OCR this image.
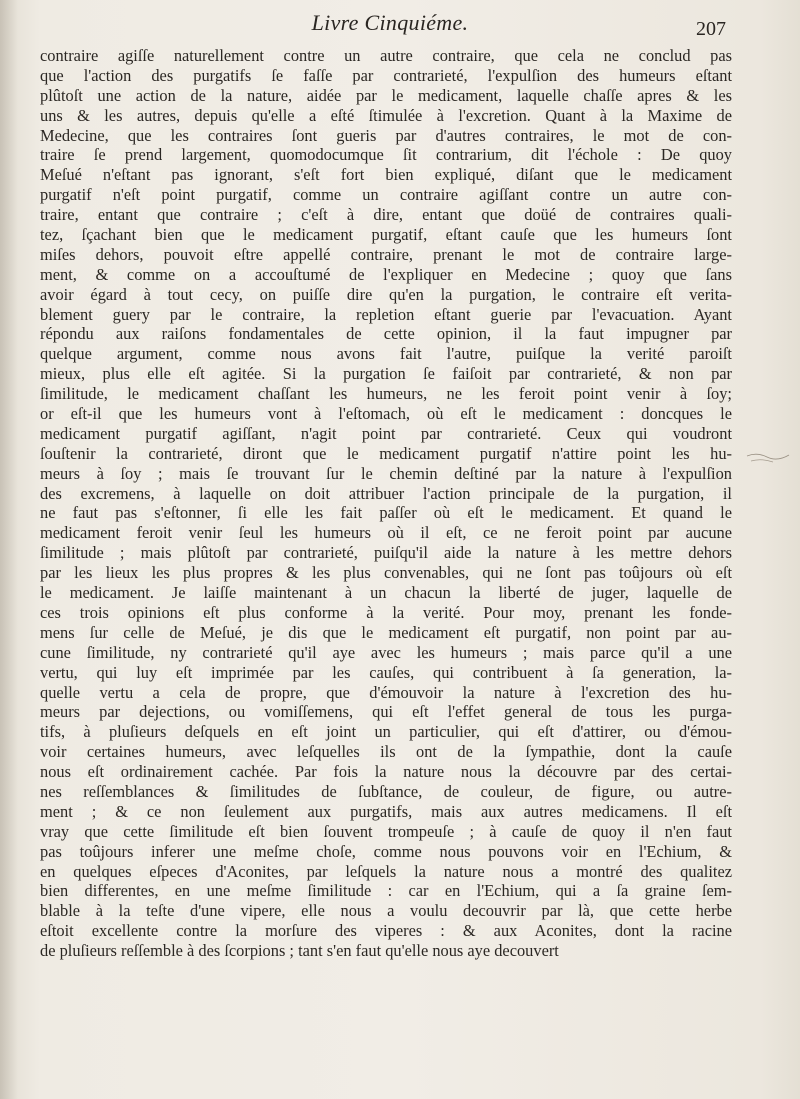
Livre Cinquiéme.	207
contraire agiſſe naturellement contre un autre contraire, que cela ne conclud pas
que l'action des purgatifs ſe faſſe par contrarieté, l'expulſion des humeurs eſtant
plûtoſt une action de la nature, aidée par le medicament, laquelle chaſſe apres & les
uns & les autres, depuis qu'elle a eſté ſtimulée à l'excretion. Quant à la Maxime de
Medecine, que les contraires ſont gueris par d'autres contraires, le mot de con-
traire ſe prend largement, quomodocumque ſit contrarium, dit l'échole : De quoy
Meſué n'eſtant pas ignorant, s'eſt fort bien expliqué, diſant que le medicament
purgatif n'eſt point purgatif, comme un contraire agiſſant contre un autre con-
traire, entant que contraire ; c'eſt à dire, entant que doüé de contraires quali-
tez, ſçachant bien que le medicament purgatif, eſtant cauſe que les humeurs ſont
miſes dehors, pouvoit eſtre appellé contraire, prenant le mot de contraire large-
ment, & comme on a accouſtumé de l'expliquer en Medecine ; quoy que ſans
avoir égard à tout cecy, on puiſſe dire qu'en la purgation, le contraire eſt verita-
blement guery par le contraire, la repletion eſtant guerie par l'evacuation. Ayant
répondu aux raiſons fondamentales de cette opinion, il la faut impugner par
quelque argument, comme nous avons fait l'autre, puiſque la verité paroiſt
mieux, plus elle eſt agitée. Si la purgation ſe faiſoit par contrarieté, & non par
ſimilitude, le medicament chaſſant les humeurs, ne les feroit point venir à ſoy;
or eſt-il que les humeurs vont à l'eſtomach, où eſt le medicament : doncques le
medicament purgatif agiſſant, n'agit point par contrarieté. Ceux qui voudront
ſouſtenir la contrarieté, diront que le medicament purgatif n'attire point les hu-
meurs à ſoy ; mais ſe trouvant ſur le chemin deſtiné par la nature à l'expulſion
des excremens, à laquelle on doit attribuer l'action principale de la purgation, il
ne faut pas s'eſtonner, ſi elle les fait paſſer où eſt le medicament. Et quand le
medicament feroit venir ſeul les humeurs où il eſt, ce ne feroit point par aucune
ſimilitude ; mais plûtoſt par contrarieté, puiſqu'il aide la nature à les mettre dehors
par les lieux les plus propres & les plus convenables, qui ne ſont pas toûjours où eſt
le medicament. Je laiſſe maintenant à un chacun la liberté de juger, laquelle de
ces trois opinions eſt plus conforme à la verité. Pour moy, prenant les fonde-
mens ſur celle de Meſué, je dis que le medicament eſt purgatif, non point par au-
cune ſimilitude, ny contrarieté qu'il aye avec les humeurs ; mais parce qu'il a une
vertu, qui luy eſt imprimée par les cauſes, qui contribuent à ſa generation, la-
quelle vertu a cela de propre, que d'émouvoir la nature à l'excretion des hu-
meurs par dejections, ou vomiſſemens, qui eſt l'effet general de tous les purga-
tifs, à pluſieurs deſquels en eſt joint un particulier, qui eſt d'attirer, ou d'émou-
voir certaines humeurs, avec leſquelles ils ont de la ſympathie, dont la cauſe
nous eſt ordinairement cachée. Par fois la nature nous la découvre par des certai-
nes reſſemblances & ſimilitudes de ſubſtance, de couleur, de figure, ou autre-
ment ; & ce non ſeulement aux purgatifs, mais aux autres medicamens. Il eſt
vray que cette ſimilitude eſt bien ſouvent trompeuſe ; à cauſe de quoy il n'en faut
pas toûjours inferer une meſme choſe, comme nous pouvons voir en l'Echium, &
en quelques eſpeces d'Aconites, par leſquels la nature nous a montré des qualitez
bien differentes, en une meſme ſimilitude : car en l'Echium, qui a ſa graine ſem-
blable à la teſte d'une vipere, elle nous a voulu decouvrir par là, que cette herbe
eſtoit excellente contre la morſure des viperes : & aux Aconites, dont la racine
de pluſieurs reſſemble à des ſcorpions ; tant s'en faut qu'elle nous aye decouvert
